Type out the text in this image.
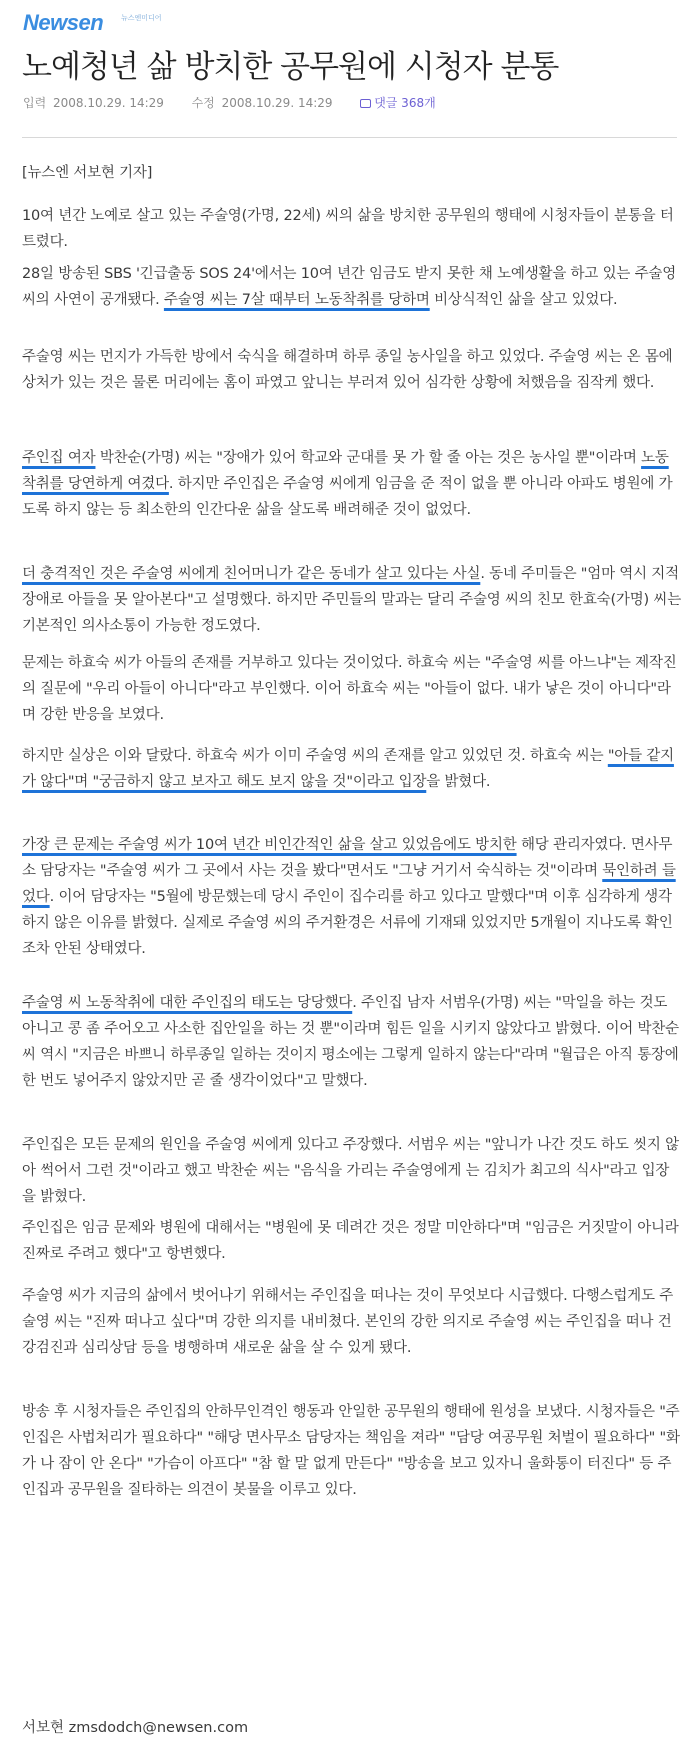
Newsen	뉴스엔미디어
노예청년 삶 방치한 공무원에 시청자 분통
입력 2008.10.29. 14:29 수정 2008.10.29. 14:29	댓글 368개

[뉴스엔 서보현 기자]

10여 년간 노예로 살고 있는 주술영(가명, 22세) 씨의 삶을 방치한 공무원의 행태에 시청자들이 분통을 터트렸다.

28일 방송된 SBS '긴급출동 SOS 24'에서는 10여 년간 임금도 받지 못한 채 노예생활을 하고 있는 주술영 씨의 사연이 공개됐다. 주술영 씨는 7살 때부터 노동착취를 당하며 비상식적인 삶을 살고 있었다.

주술영 씨는 먼지가 가득한 방에서 숙식을 해결하며 하루 종일 농사일을 하고 있었다. 주술영 씨는 온 몸에 상처가 있는 것은 물론 머리에는 홈이 파였고 앞니는 부러져 있어 심각한 상황에 처했음을 짐작케 했다.

주인집 여자 박찬순(가명) 씨는 "장애가 있어 학교와 군대를 못 가 할 줄 아는 것은 농사일 뿐"이라며 노동착취를 당연하게 여겼다. 하지만 주인집은 주술영 씨에게 임금을 준 적이 없을 뿐 아니라 아파도 병원에 가도록 하지 않는 등 최소한의 인간다운 삶을 살도록 배려해준 것이 없었다.

더 충격적인 것은 주술영 씨에게 친어머니가 같은 동네가 살고 있다는 사실. 동네 주미들은 "엄마 역시 지적장애로 아들을 못 알아본다"고 설명했다. 하지만 주민들의 말과는 달리 주술영 씨의 친모 한효숙(가명) 씨는 기본적인 의사소통이 가능한 정도였다.

문제는 하효숙 씨가 아들의 존재를 거부하고 있다는 것이었다. 하효숙 씨는 "주술영 씨를 아느냐"는 제작진의 질문에 "우리 아들이 아니다"라고 부인했다. 이어 하효숙 씨는 "아들이 없다. 내가 낳은 것이 아니다"라며 강한 반응을 보였다.

하지만 실상은 이와 달랐다. 하효숙 씨가 이미 주술영 씨의 존재를 알고 있었던 것. 하효숙 씨는 "아들 같지가 않다"며 "궁금하지 않고 보자고 해도 보지 않을 것"이라고 입장을 밝혔다.

가장 큰 문제는 주술영 씨가 10여 년간 비인간적인 삶을 살고 있었음에도 방치한 해당 관리자였다. 면사무소 담당자는 "주술영 씨가 그 곳에서 사는 것을 봤다"면서도 "그냥 거기서 숙식하는 것"이라며 묵인하려 들었다. 이어 담당자는 "5월에 방문했는데 당시 주인이 집수리를 하고 있다고 말했다"며 이후 심각하게 생각하지 않은 이유를 밝혔다. 실제로 주술영 씨의 주거환경은 서류에 기재돼 있었지만 5개월이 지나도록 확인조차 안된 상태였다.

주술영 씨 노동착취에 대한 주인집의 태도는 당당했다. 주인집 남자 서범우(가명) 씨는 "막일을 하는 것도 아니고 콩 좀 주어오고 사소한 집안일을 하는 것 뿐"이라며 힘든 일을 시키지 않았다고 밝혔다. 이어 박찬순 씨 역시 "지금은 바쁘니 하루종일 일하는 것이지 평소에는 그렇게 일하지 않는다"라며 "월급은 아직 통장에 한 번도 넣어주지 않았지만 곧 줄 생각이었다"고 말했다.

주인집은 모든 문제의 원인을 주술영 씨에게 있다고 주장했다. 서범우 씨는 "앞니가 나간 것도 하도 씻지 않아 썩어서 그런 것"이라고 했고 박찬순 씨는 "음식을 가리는 주술영에게 는 김치가 최고의 식사"라고 입장을 밝혔다.

주인집은 임금 문제와 병원에 대해서는 "병원에 못 데려간 것은 정말 미안하다"며 "임금은 거짓말이 아니라 진짜로 주려고 했다"고 항변했다.

주술영 씨가 지금의 삶에서 벗어나기 위해서는 주인집을 떠나는 것이 무엇보다 시급했다. 다행스럽게도 주술영 씨는 "진짜 떠나고 싶다"며 강한 의지를 내비쳤다. 본인의 강한 의지로 주술영 씨는 주인집을 떠나 건강검진과 심리상담 등을 병행하며 새로운 삶을 살 수 있게 됐다.

방송 후 시청자들은 주인집의 안하무인격인 행동과 안일한 공무원의 행태에 원성을 보냈다. 시청자들은 "주인집은 사법처리가 필요하다" "해당 면사무소 담당자는 책임을 져라" "담당 여공무원 처벌이 필요하다" "화가 나 잠이 안 온다" "가슴이 아프다" "참 할 말 없게 만든다" "방송을 보고 있자니 울화통이 터진다" 등 주인집과 공무원을 질타하는 의견이 봇물을 이루고 있다.

서보현 zmsdodch@newsen.com
